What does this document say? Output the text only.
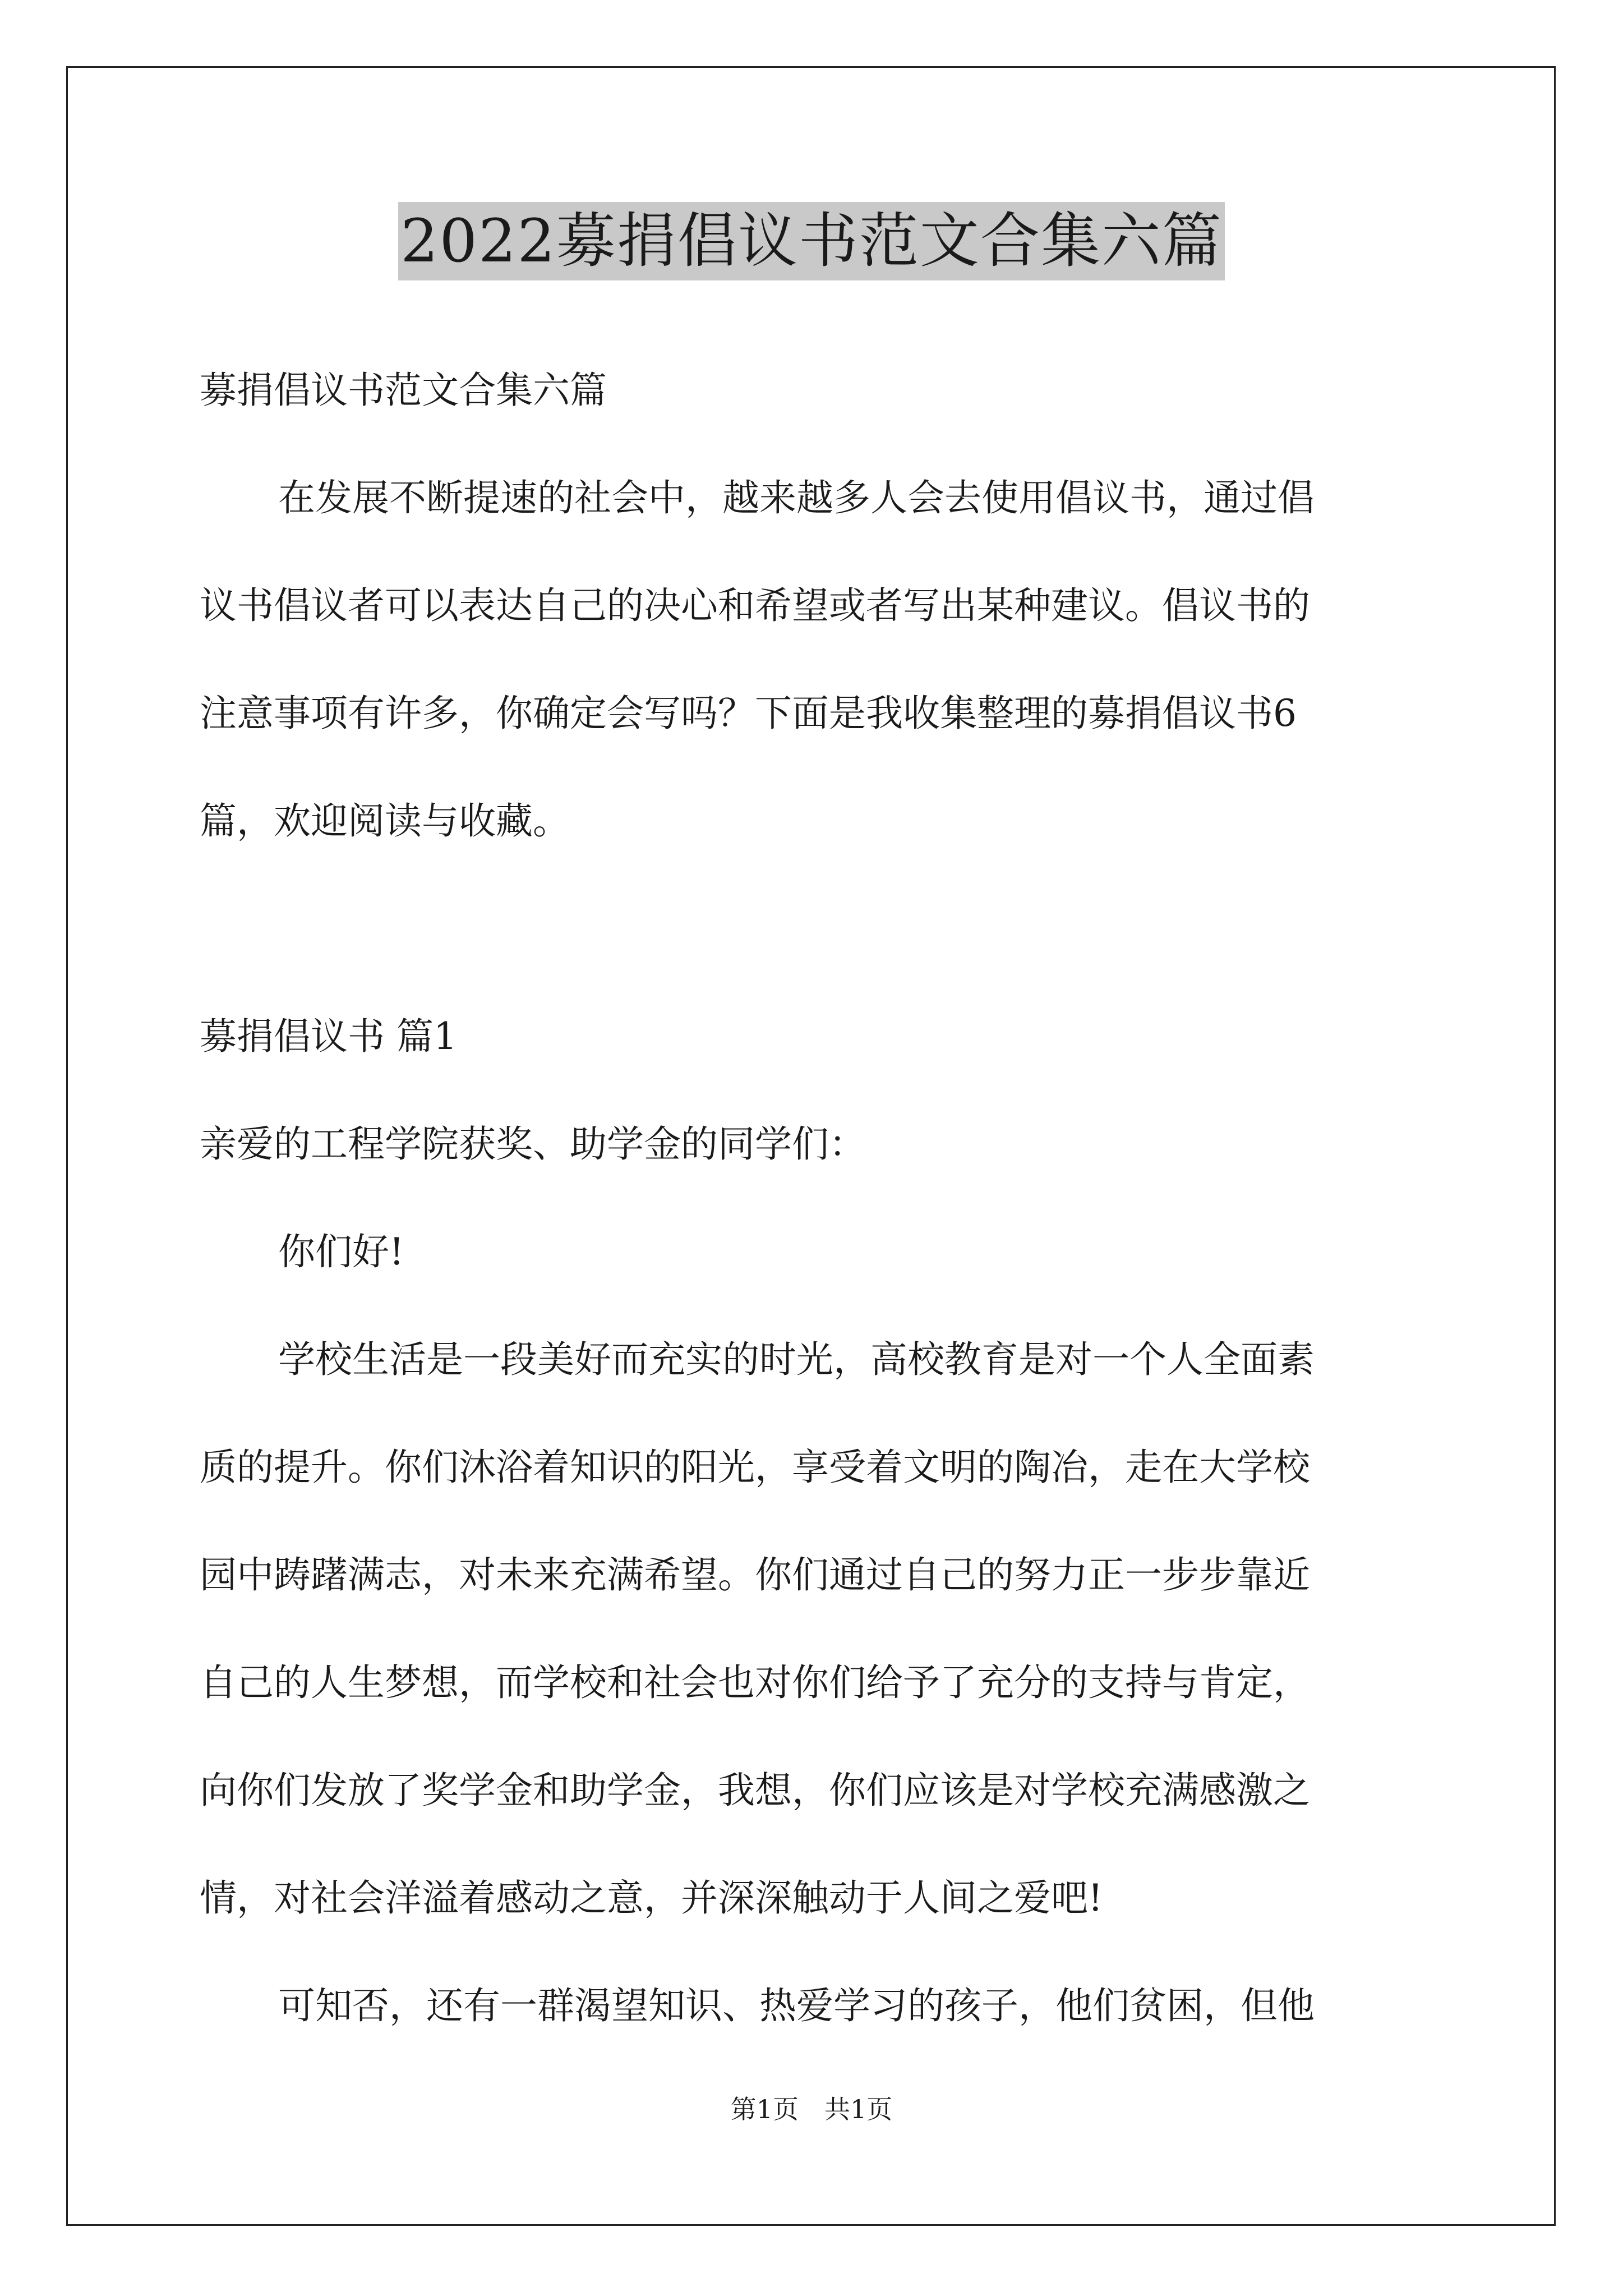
2022募捐倡议书范文合集六篇
募捐倡议书范文合集六篇
在发展不断提速的社会中，越来越多人会去使用倡议书，通过倡
议书倡议者可以表达自己的决心和希望或者写出某种建议。倡议书的
注意事项有许多，你确定会写吗？下面是我收集整理的募捐倡议书6
篇，欢迎阅读与收藏。
募捐倡议书 篇1
亲爱的工程学院获奖、助学金的同学们：
你们好!
学校生活是一段美好而充实的时光，高校教育是对一个人全面素
质的提升。你们沐浴着知识的阳光，享受着文明的陶冶，走在大学校
园中踌躇满志，对未来充满希望。你们通过自己的努力正一步步靠近
自己的人生梦想，而学校和社会也对你们给予了充分的支持与肯定，
向你们发放了奖学金和助学金，我想，你们应该是对学校充满感激之
情，对社会洋溢着感动之意，并深深触动于人间之爱吧!
可知否，还有一群渴望知识、热爱学习的孩子，他们贫困，但他
第1页　共1页
